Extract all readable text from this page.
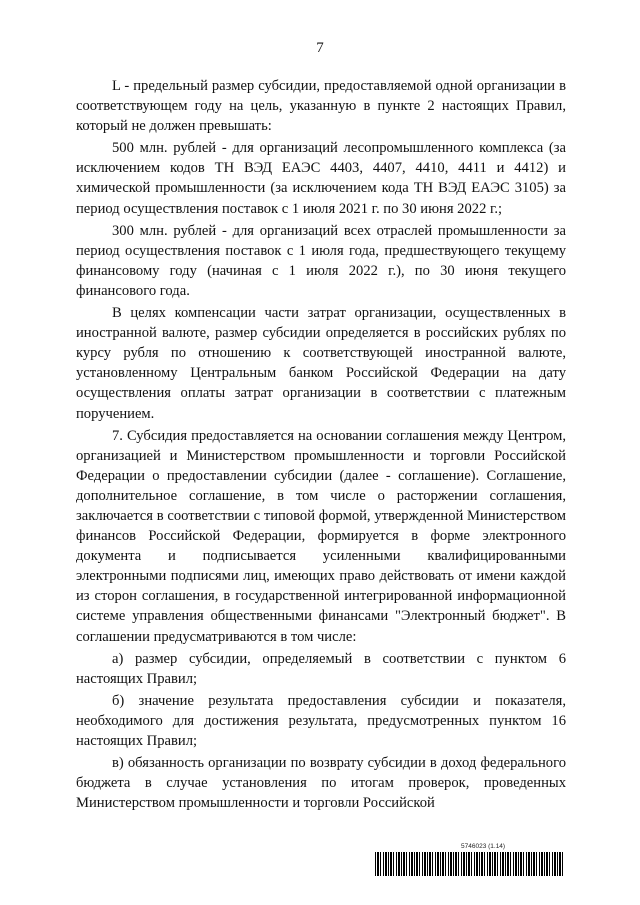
7

L - предельный размер субсидии, предоставляемой одной организации в соответствующем году на цель, указанную в пункте 2 настоящих Правил, который не должен превышать:

500 млн. рублей - для организаций лесопромышленного комплекса (за исключением кодов ТН ВЭД ЕАЭС 4403, 4407, 4410, 4411 и 4412) и химической промышленности (за исключением кода ТН ВЭД ЕАЭС 3105) за период осуществления поставок с 1 июля 2021 г. по 30 июня 2022 г.;

300 млн. рублей - для организаций всех отраслей промышленности за период осуществления поставок с 1 июля года, предшествующего текущему финансовому году (начиная с 1 июля 2022 г.), по 30 июня текущего финансового года.

В целях компенсации части затрат организации, осуществленных в иностранной валюте, размер субсидии определяется в российских рублях по курсу рубля по отношению к соответствующей иностранной валюте, установленному Центральным банком Российской Федерации на дату осуществления оплаты затрат организации в соответствии с платежным поручением.

7. Субсидия предоставляется на основании соглашения между Центром, организацией и Министерством промышленности и торговли Российской Федерации о предоставлении субсидии (далее - соглашение). Соглашение, дополнительное соглашение, в том числе о расторжении соглашения, заключается в соответствии с типовой формой, утвержденной Министерством финансов Российской Федерации, формируется в форме электронного документа и подписывается усиленными квалифицированными электронными подписями лиц, имеющих право действовать от имени каждой из сторон соглашения, в государственной интегрированной информационной системе управления общественными финансами "Электронный бюджет". В соглашении предусматриваются в том числе:

а) размер субсидии, определяемый в соответствии с пунктом 6 настоящих Правил;

б) значение результата предоставления субсидии и показателя, необходимого для достижения результата, предусмотренных пунктом 16 настоящих Правил;

в) обязанность организации по возврату субсидии в доход федерального бюджета в случае установления по итогам проверок, проведенных Министерством промышленности и торговли Российской

5746023 (1.14)
